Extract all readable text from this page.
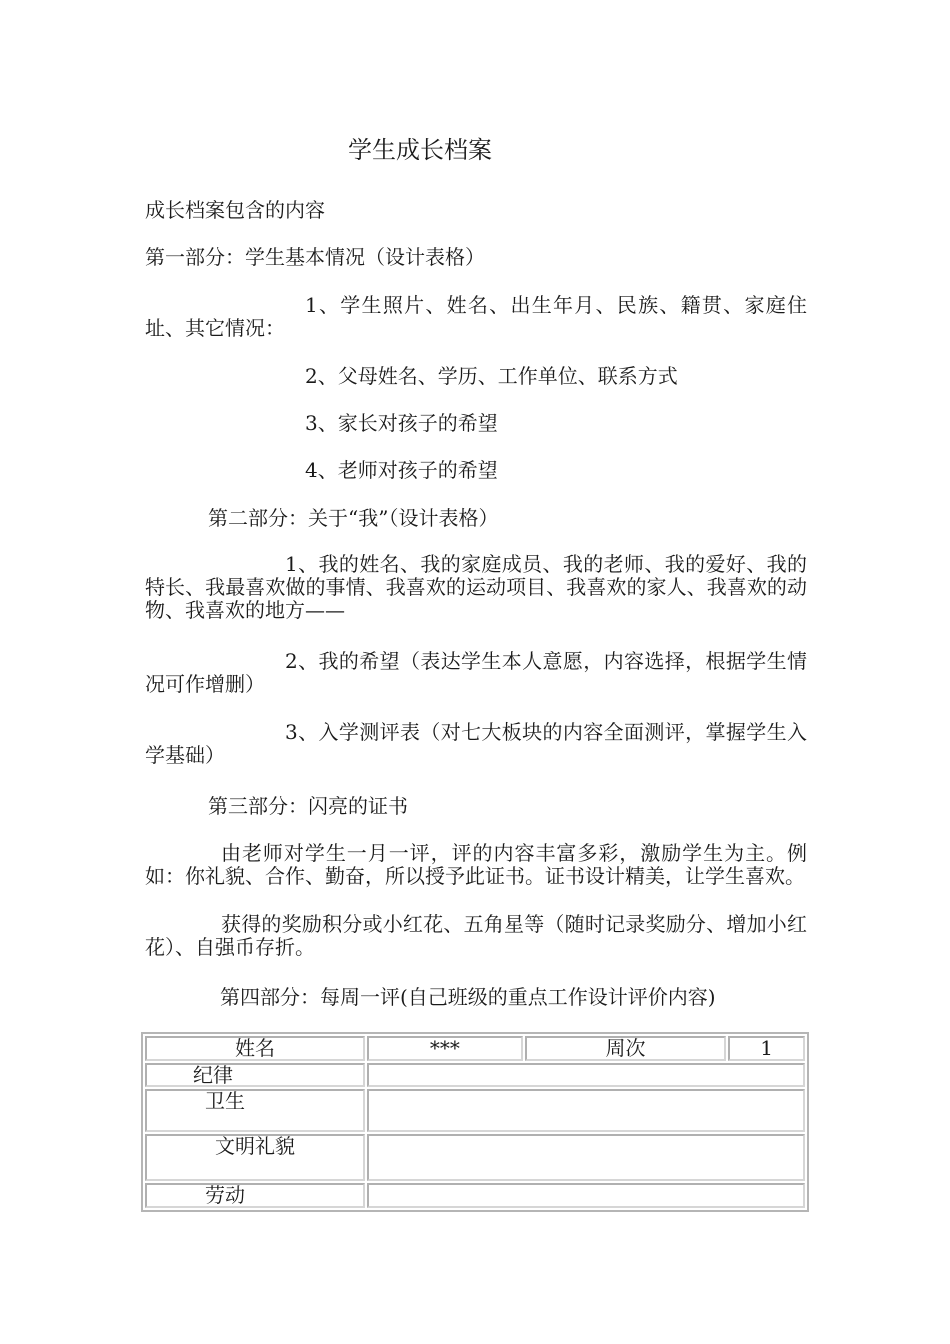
学生成长档案
成长档案包含的内容
第一部分：学生基本情况（设计表格）
1、学生照片、姓名、出生年月、民族、籍贯、家庭住址、其它情况：
2、父母姓名、学历、工作单位、联系方式
3、家长对孩子的希望
4、老师对孩子的希望
第二部分：关于“我”（设计表格）
1、我的姓名、我的家庭成员、我的老师、我的爱好、我的特长、我最喜欢做的事情、我喜欢的运动项目、我喜欢的家人、我喜欢的动物、我喜欢的地方——
2、我的希望（表达学生本人意愿，内容选择，根据学生情况可作增删）
3、入学测评表（对七大板块的内容全面测评，掌握学生入学基础）
第三部分：闪亮的证书
由老师对学生一月一评，评的内容丰富多彩，激励学生为主。例如：你礼貌、合作、勤奋，所以授予此证书。证书设计精美，让学生喜欢。
获得的奖励积分或小红花、五角星等（随时记录奖励分、增加小红花）、自强币存折。
第四部分：每周一评(自己班级的重点工作设计评价内容)
姓名	***	周次	1
纪律			
卫生			
文明礼貌			
劳动			
